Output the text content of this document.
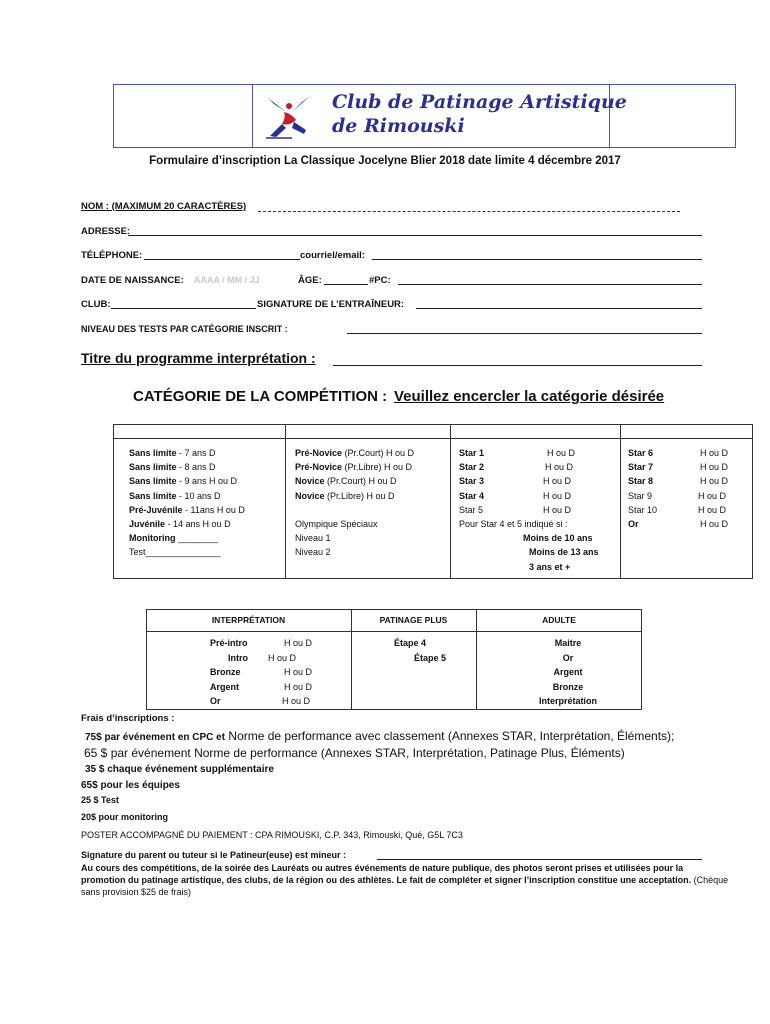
Club de Patinage Artistique
de Rimouski
Formulaire d’inscription La Classique Jocelyne Blier 2018 date limite 4 décembre 2017
NOM : (MAXIMUM 20 CARACTÈRES)
ADRESSE:
TÉLÉPHONE:	courriel/email:
DATE DE NAISSANCE: AAAA / MM / JJ	ÂGE:	#PC:
CLUB:	SIGNATURE DE L’ENTRAÎNEUR:
NIVEAU DES TESTS PAR CATÉGORIE INSCRIT :
Titre du programme interprétation :
CATÉGORIE DE LA COMPÉTITION : Veuillez encercler la catégorie désirée
Sans limite - 7 ans D
Sans limite - 8 ans D
Sans limite - 9 ans H ou D
Sans limite - 10 ans D
Pré-Juvénile - 11ans H ou D
Juvénile - 14 ans H ou D
Monitoring ________
Test_______________
Pré-Novice (Pr.Court) H ou D
Pré-Novice (Pr.Libre) H ou D
Novice (Pr.Court) H ou D
Novice (Pr.Libre) H ou D
Olympique Spéciaux
Niveau 1
Niveau 2
Star 1	H ou D
Star 2	H ou D
Star 3	H ou D
Star 4	H ou D
Star 5	H ou D
Pour Star 4 et 5 indiqué si :
Moins de 10 ans
Moins de 13 ans
3 ans et +
Star 6	H ou D
Star 7	H ou D
Star 8	H ou D
Star 9	H ou D
Star 10	H ou D
Or	H ou D
INTERPRÉTATION	PATINAGE PLUS	ADULTE
Pré-intro	H ou D
Intro H ou D
Bronze	H ou D
Argent	H ou D
Or	H ou D
Étape 4
Étape 5
Maitre
Or
Argent
Bronze
Interprétation
Frais d’inscriptions :
75$ par événement en CPC et Norme de performance avec classement (Annexes STAR, Interprétation, Éléments);
65 $ par événement Norme de performance (Annexes STAR, Interprétation, Patinage Plus, Éléments)
35 $ chaque événement supplémentaire
65$ pour les équipes
25 $ Test
20$ pour monitoring
POSTER ACCOMPAGNÉ DU PAIEMENT : CPA RIMOUSKI, C.P. 343, Rimouski, Qué, G5L 7C3
Signature du parent ou tuteur si le Patineur(euse) est mineur :
Au cours des compétitions, de la soirée des Lauréats ou autres événements de nature publique, des photos seront prises et utilisées pour la promotion du patinage artistique, des clubs, de la région ou des athlètes. Le fait de compléter et signer l’inscription constitue une acceptation. (Chèque sans provision $25 de frais)
